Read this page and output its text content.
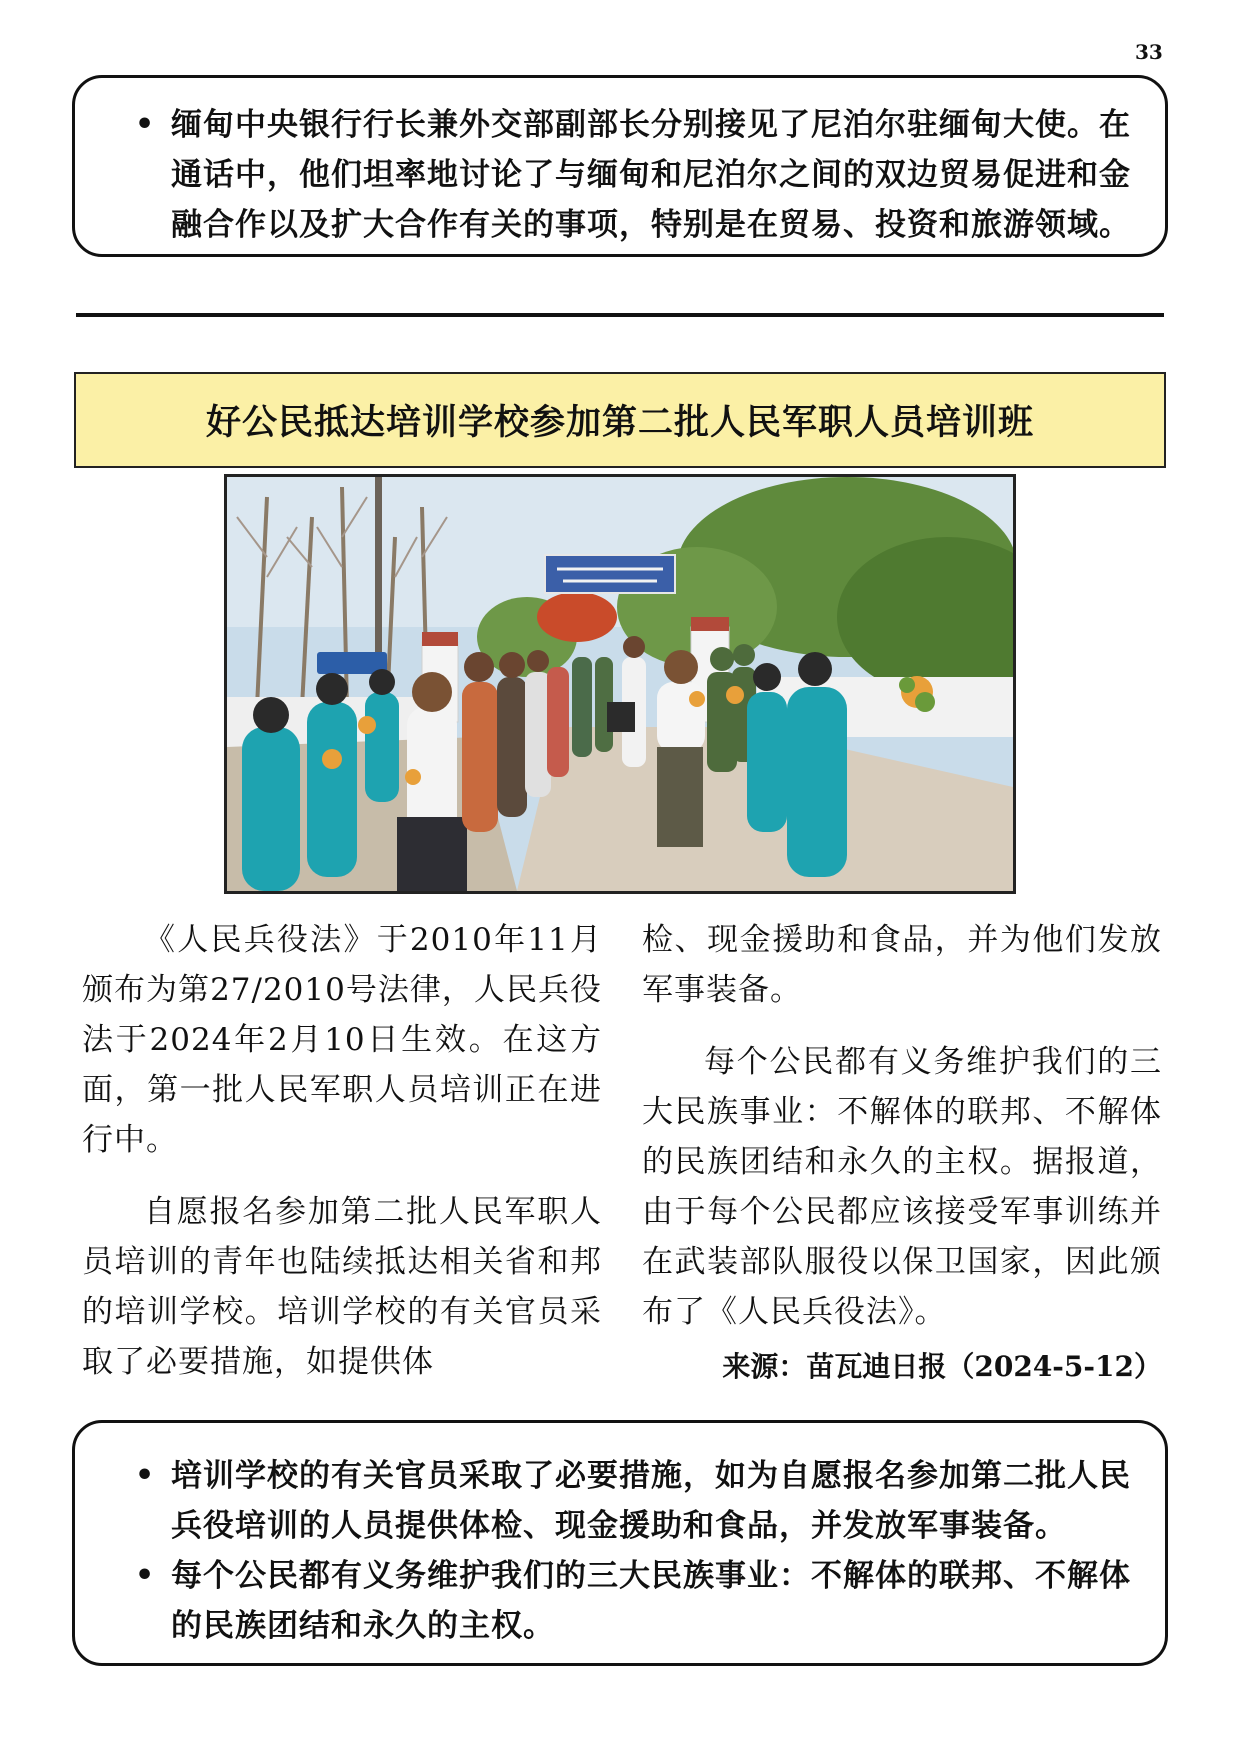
33
• 缅甸中央银行行长兼外交部副部长分别接见了尼泊尔驻缅甸大使。在通话中，他们坦率地讨论了与缅甸和尼泊尔之间的双边贸易促进和金融合作以及扩大合作有关的事项，特别是在贸易、投资和旅游领域。
好公民抵达培训学校参加第二批人民军职人员培训班

《人民兵役法》于2010年11月颁布为第27/2010号法律，人民兵役法于2024年2月10日生效。在这方面，第一批人民军职人员培训正在进行中。

自愿报名参加第二批人民军职人员培训的青年也陆续抵达相关省和邦的培训学校。培训学校的有关官员采取了必要措施，如提供体

检、现金援助和食品，并为他们发放军事装备。

每个公民都有义务维护我们的三大民族事业：不解体的联邦、不解体的民族团结和永久的主权。据报道，由于每个公民都应该接受军事训练并在武装部队服役以保卫国家，因此颁布了《人民兵役法》。

来源：苗瓦迪日报（2024-5-12）
• 培训学校的有关官员采取了必要措施，如为自愿报名参加第二批人民兵役培训的人员提供体检、现金援助和食品，并发放军事装备。
• 每个公民都有义务维护我们的三大民族事业：不解体的联邦、不解体的民族团结和永久的主权。
